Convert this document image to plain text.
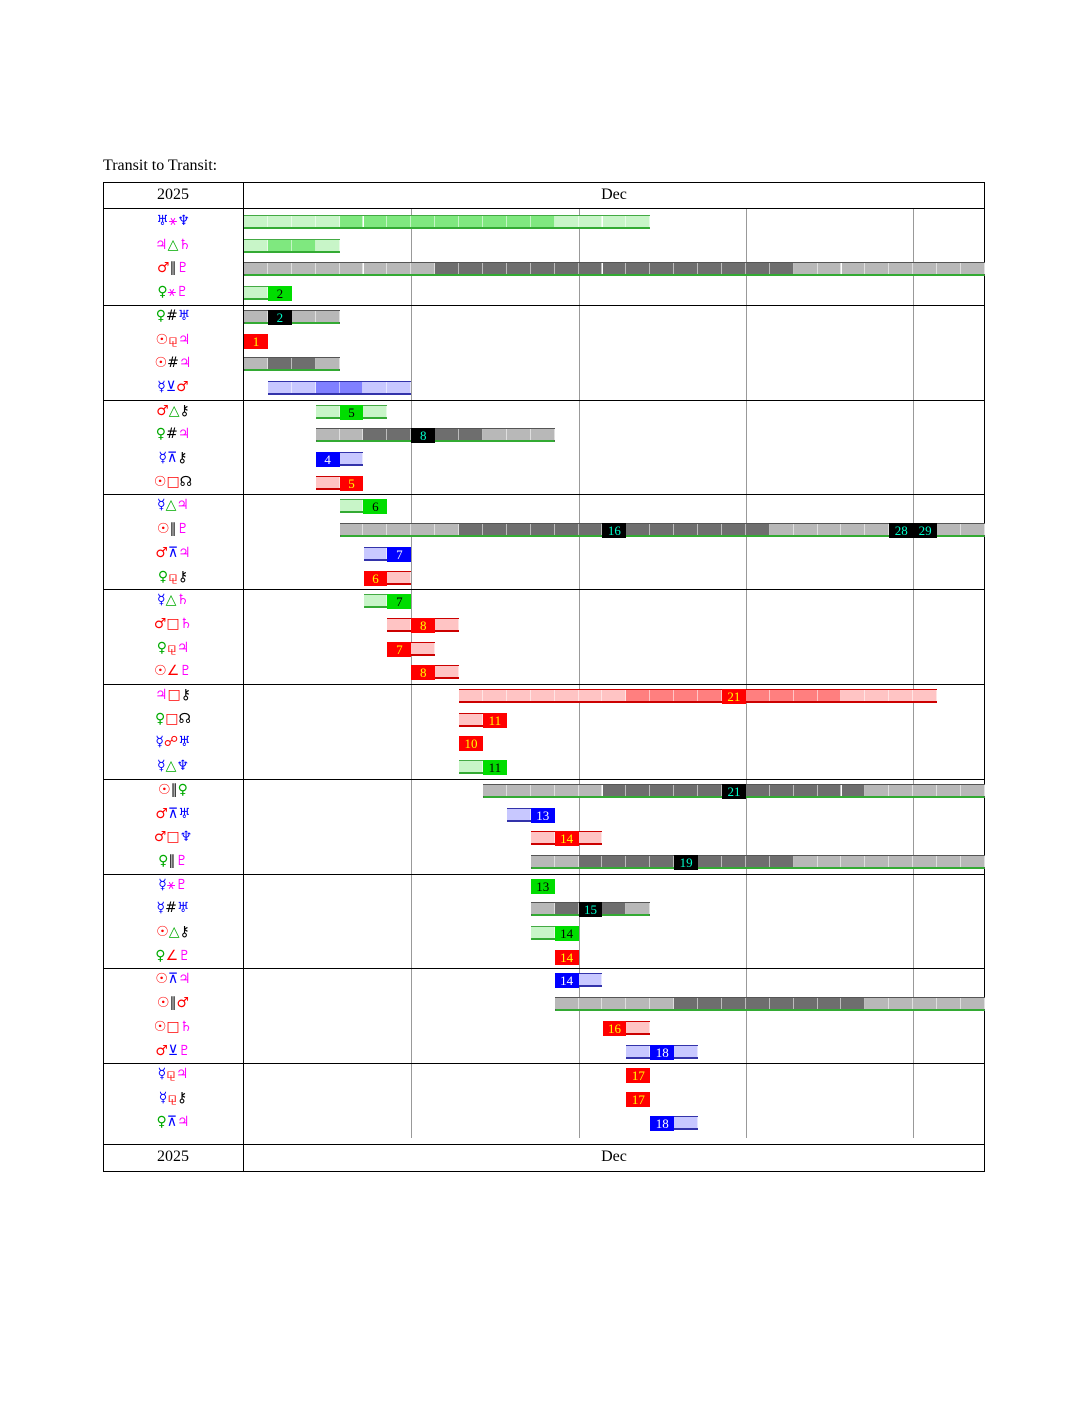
Transit to Transit:
2025	Dec
2025	Dec
♅⚹♆
♃△♄
♂∥♇
♀⚹♇	2
♀#♅	2
☉⚼♃	1
☉#♃
☿⊻♂
♂△⚷	5
♀#♃	8
☿⊼⚷	4
☉□☊	5
☿△♃	6
☉∥♇	16	28 29
♂⊼♃	7
♀⚼⚷	6
☿△♄	7
♂□♄	8
♀⚼♃	7
☉∠♇	8
♃□⚷	21
♀□☊	11
☿☍♅	10
☿△♆	11
☉∥♀	21
♂⊼♅	13
♂□♆	14
♀∥♇	19
☿⚹♇	13
☿#♅	15
☉△⚷	14
♀∠♇	14
☉⊼♃	14
☉∥♂
☉□♄	16
♂⊻♇	18
☿⚼♃	17
☿⚼⚷	17
♀⊼♃	18
